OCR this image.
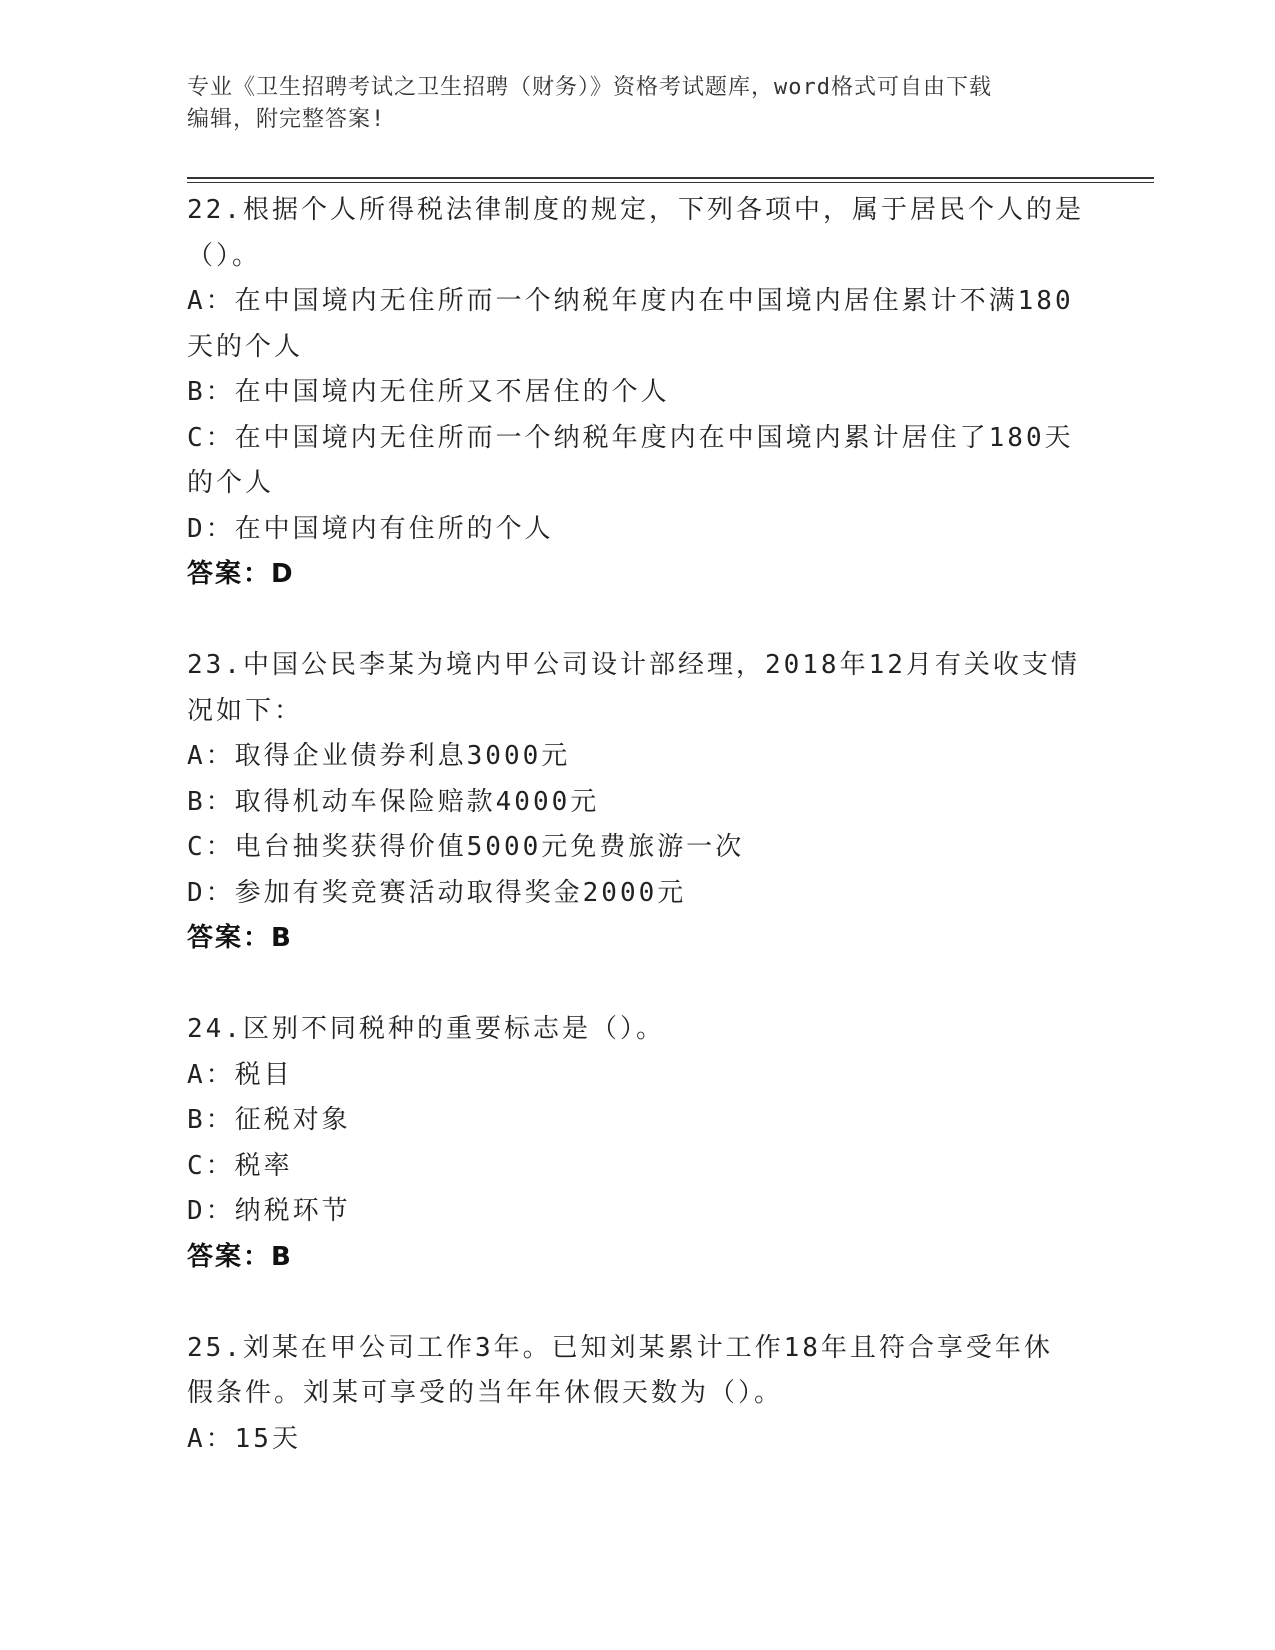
专业《卫生招聘考试之卫生招聘（财务）》资格考试题库，word格式可自由下载
编辑，附完整答案!
22.根据个人所得税法律制度的规定，下列各项中，属于居民个人的是
（）。
A：在中国境内无住所而一个纳税年度内在中国境内居住累计不满180
天的个人
B：在中国境内无住所又不居住的个人
C：在中国境内无住所而一个纳税年度内在中国境内累计居住了180天
的个人
D：在中国境内有住所的个人
答案：D
23.中国公民李某为境内甲公司设计部经理，2018年12月有关收支情
况如下：
A：取得企业债券利息3000元
B：取得机动车保险赔款4000元
C：电台抽奖获得价值5000元免费旅游一次
D：参加有奖竞赛活动取得奖金2000元
答案：B
24.区别不同税种的重要标志是（）。
A：税目
B：征税对象
C：税率
D：纳税环节
答案：B
25.刘某在甲公司工作3年。已知刘某累计工作18年且符合享受年休
假条件。刘某可享受的当年年休假天数为（）。
A：15天
